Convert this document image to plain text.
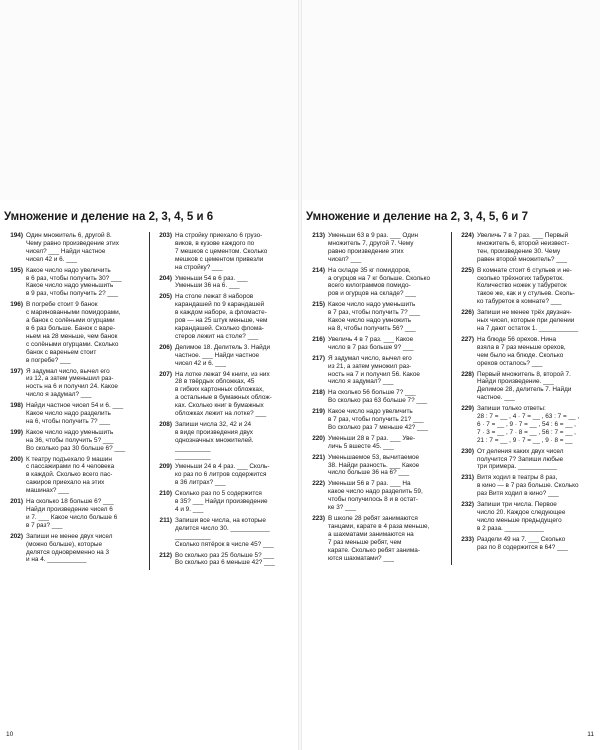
Умножение и деление на 2, 3, 4, 5 и 6
194) Один множитель 6, другой 8.
Чему равно произведение этих
чисел? ___ Найди частное
чисел 42 и 6. ___
195) Какое число надо увеличить
в 6 раз, чтобы получить 30? ___
Какое число надо уменьшить
в 9 раз, чтобы получить 2? ___
196) В погребе стоит 9 банок
с маринованными помидорами,
а банок с солёными огурцами
в 6 раз больше. Банок с варе-
ньем на 28 меньше, чем банок
с солёными огурцами. Сколько
банок с вареньем стоит
в погребе? ___
197) Я задумал число, вычел его
из 12, а затем уменьшил раз-
ность на 6 и получил 24. Какое
число я задумал? ___
198) Найди частное чисел 54 и 6. ___
Какое число надо разделить
на 6, чтобы получить 7? ___
199) Какое число надо уменьшить
на 36, чтобы получить 5? ___
Во сколько раз 30 больше 6? ___
200) К театру подъехало 9 машин
с пассажирами по 4 человека
в каждой. Сколько всего пас-
сажиров приехало на этих
машинах? ___
201) На сколько 18 больше 6? ___
Найди произведение чисел 6
и 7. ___ Какое число больше 6
в 7 раз? ___
202) Запиши не менее двух чисел
(можно больше), которые
делятся одновременно на 3
и на 4. ___________
203) На стройку приехало 6 грузо-
виков, в кузове каждого по
7 мешков с цементом. Сколько
мешков с цементом привезли
на стройку? ___
204) Уменьши 54 в 6 раз. ___
Уменьши 36 на 6. ___
205) На столе лежат 8 наборов
карандашей по 9 карандашей
в каждом наборе, а фломасте-
ров — на 25 штук меньше, чем
карандашей. Сколько флома-
стеров лежит на столе? ___
206) Делимое 18. Делитель 3. Найди
частное. ___ Найди частное
чисел 42 и 6. ___
207) На лотке лежат 94 книги, из них
28 в твёрдых обложках, 45
в гибких картонных обложках,
а остальные в бумажных облож-
ках. Сколько книг в бумажных
обложках лежит на лотке? ___
208) Запиши числа 32, 42 и 24
в виде произведения двух
однозначных множителей.
__________
__________
209) Уменьши 24 в 4 раз. ___ Сколь-
ко раз по 6 литров содержится
в 36 литрах? ___
210) Сколько раз по 5 содержится
в 35? ___ Найди произведение
4 и 9. ___
211) Запиши все числа, на которые
делится число 30. ___________
__________
Сколько пятёрок в числе 45? ___
212) Во сколько раз 25 больше 5? ___
Во сколько раз 6 меньше 42? ___
10
Умножение и деление на 2, 3, 4, 5, 6 и 7
213) Уменьши 63 в 9 раз. ___ Один
множитель 7, другой 7. Чему
равно произведение этих
чисел? ___
214) На складе 35 кг помидоров,
а огурцов на 7 кг больше. Сколько
всего килограммов помидо-
ров и огурцов на складе? ___
215) Какое число надо уменьшить
в 7 раз, чтобы получить 7? ___
Какое число надо умножить
на 8, чтобы получить 56? ___
216) Увеличь 4 в 7 раз. ___ Какое
число в 7 раз больше 9? ___
217) Я задумал число, вычел его
из 21, а затем умножил раз-
ность на 7 и получил 56. Какое
число я задумал? ___
218) На сколько 56 больше 7? ___
Во сколько раз 63 больше 7? ___
219) Какое число надо увеличить
в 7 раз, чтобы получить 21? ___
Во сколько раз 7 меньше 42? ___
220) Уменьши 28 в 7 раз. ___ Уве-
личь 5 вшесте 45. ___
221) Уменьшаемое 53, вычитаемое
38. Найди разность. ___ Какое
число больше 36 на 6? ___
222) Уменьши 56 в 7 раз. ___ На
какое число надо разделить 59,
чтобы получилось 8 и в остат-
ке 3? ___
223) В школе 28 ребят занимаются
танцами, карате в 4 раза меньше,
а шахматами занимаются на
7 раз меньше ребят, чем
карате. Сколько ребят занима-
ются шахматами? ___
224) Увеличь 7 в 7 раз. ___ Первый
множитель 6, второй неизвест-
тен, произведение 30. Чему
равен второй множитель? ___
225) В комнате стоит 6 стульев и не-
сколько трёхногих табуреток.
Количество ножек у табуреток
такое же, как и у стульев. Сколь-
ко табуреток в комнате? ___
226) Запиши не менее трёх двузнач-
ных чисел, которые при делении
на 7 дают остаток 1. ___________
227) На блюде 56 орехов. Нина
взяла в 7 раз меньше орехов,
чем было на блюде. Сколько
орехов осталось? ___
228) Первый множитель 8, второй 7.
Найди произведение. ___
Делимое 28, делитель 7. Найди
частное. ___
229) Запиши только ответы:
28 : 7 = __ , 4 · 7 = __ , 63 : 7 = __ ,
6 · 7 = __ , 9 · 7 = __ , 54 : 6 = __ ,
7 · 3 = __ , 7 · 8 = __ , 56 : 7 = __ ,
21 : 7 = __ , 9 · 7 = __ , 9 · 8 = __
230) От деления каких двух чисел
получится 7? Запиши любые
три примера. ___________
231) Витя ходил в театры 8 раз,
в кино — в 7 раз больше. Сколько
раз Витя ходил в кино? ___
232) Запиши три числа. Первое
число 20. Каждое следующее
число меньше предыдущего
в 2 раза. ___________
233) Раздели 49 на 7. ___ Сколько
раз по 8 содержится в 64? ___
11
